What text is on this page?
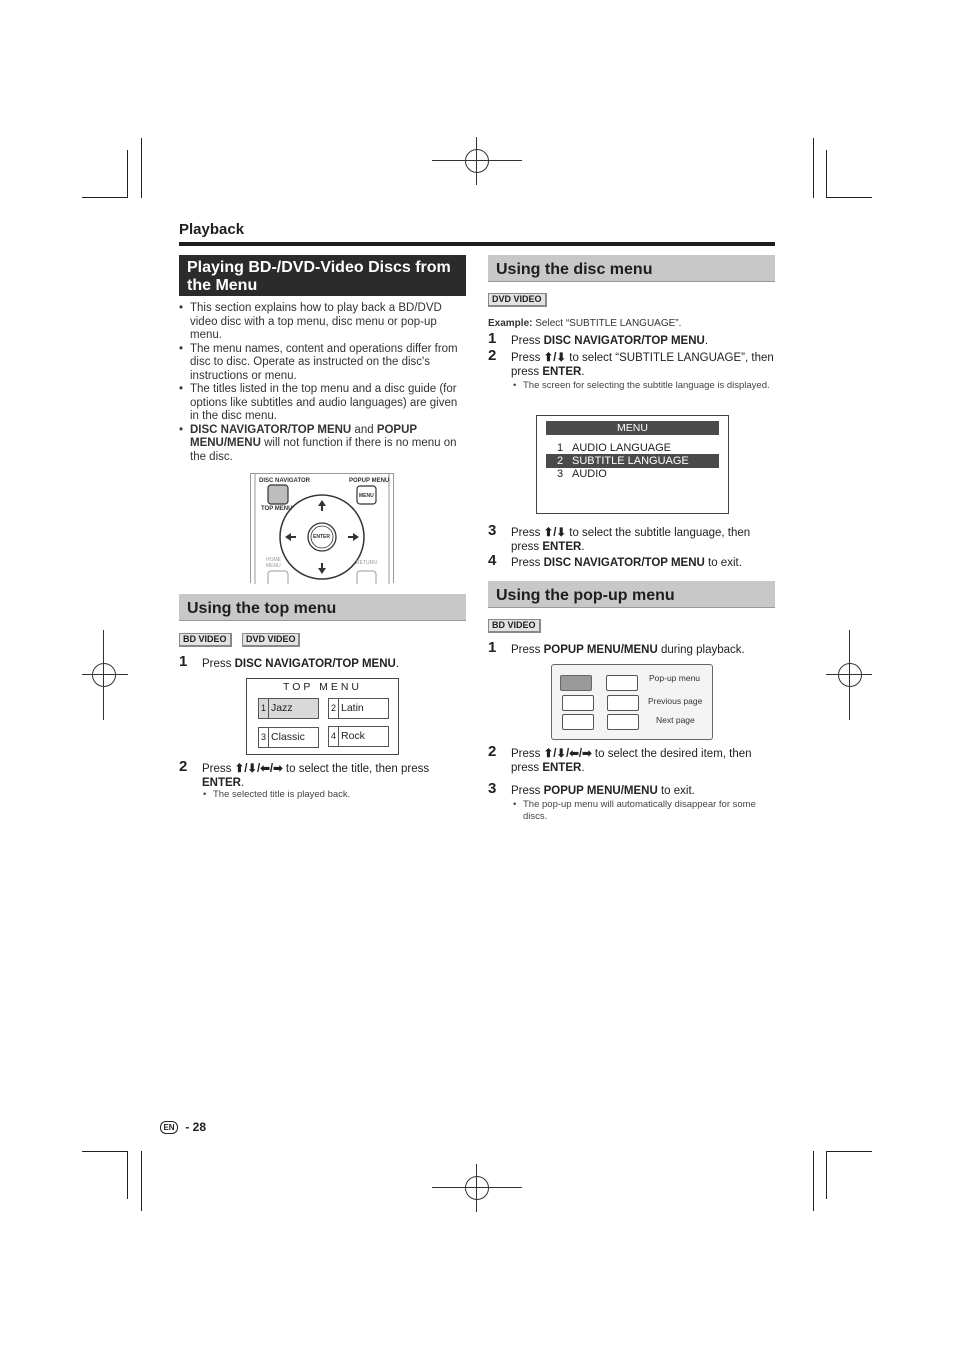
Playback
Playing BD-/DVD-Video Discs from the Menu
• This section explains how to play back a BD/DVD video disc with a top menu, disc menu or pop-up menu.
• The menu names, content and operations differ from disc to disc. Operate as instructed on the disc's instructions or menu.
• The titles listed in the top menu and a disc guide (for options like subtitles and audio languages) are given in the disc menu.
• DISC NAVIGATOR/TOP MENU and POPUP MENU/MENU will not function if there is no menu on the disc.
DISC NAVIGATOR
TOP MENU
POPUP MENU
MENU
ENTER
HOME MENU	RETURN
Using the top menu
BD VIDEO DVD VIDEO
1 Press DISC NAVIGATOR/TOP MENU.
TOP MENU
1 Jazz	2 Latin
3 Classic	4 Rock
2 Press ⬆/⬇/⬅/➡ to select the title, then press ENTER.
• The selected title is played back.
Using the disc menu
DVD VIDEO
Example: Select “SUBTITLE LANGUAGE”.
1 Press DISC NAVIGATOR/TOP MENU.
2 Press ⬆/⬇ to select “SUBTITLE LANGUAGE”, then press ENTER.
• The screen for selecting the subtitle language is displayed.
MENU
1 AUDIO LANGUAGE
2 SUBTITLE LANGUAGE
3 AUDIO
3 Press ⬆/⬇ to select the subtitle language, then press ENTER.
4 Press DISC NAVIGATOR/TOP MENU to exit.
Using the pop-up menu
BD VIDEO
1 Press POPUP MENU/MENU during playback.
Pop-up menu
Previous page
Next page
2 Press ⬆/⬇/⬅/➡ to select the desired item, then press ENTER.
3 Press POPUP MENU/MENU to exit.
• The pop-up menu will automatically disappear for some discs.
EN - 28
